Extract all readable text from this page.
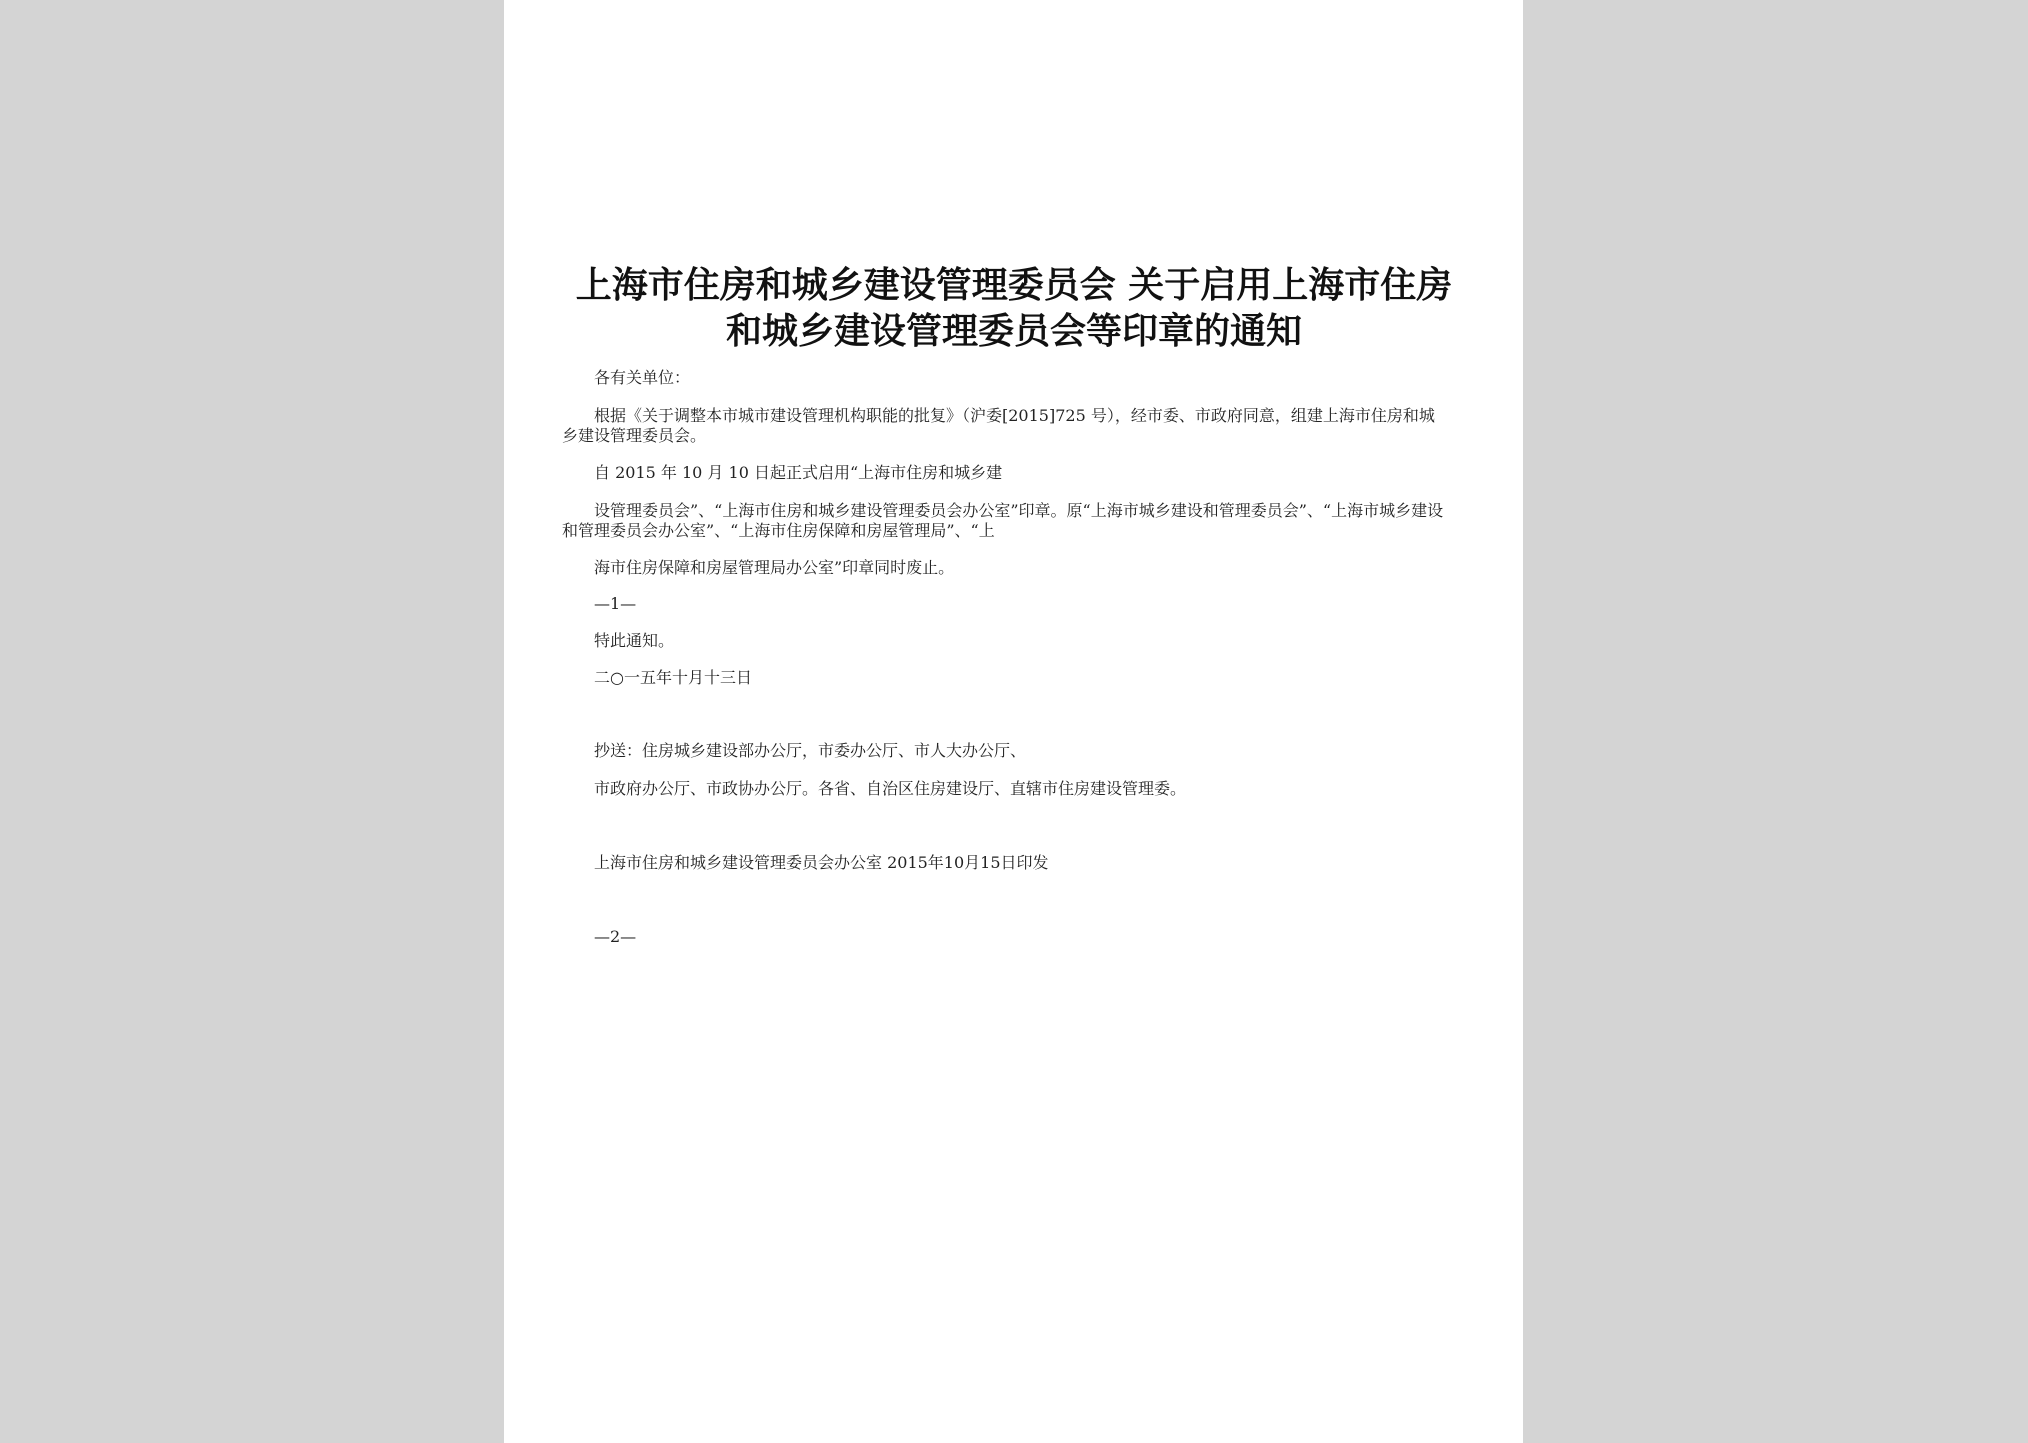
上海市住房和城乡建设管理委员会 关于启用上海市住房
和城乡建设管理委员会等印章的通知
各有关单位：
根据《关于调整本市城市建设管理机构职能的批复》（沪委[2015]725 号），经市委、市政府同意，组建上海市住房和城
乡建设管理委员会。
自 2015 年 10 月 10 日起正式启用“上海市住房和城乡建
设管理委员会”、“上海市住房和城乡建设管理委员会办公室”印章。原“上海市城乡建设和管理委员会”、“上海市城乡建设
和管理委员会办公室”、“上海市住房保障和房屋管理局”、“上
海市住房保障和房屋管理局办公室”印章同时废止。
—1—
特此通知。
二○一五年十月十三日
抄送：住房城乡建设部办公厅，市委办公厅、市人大办公厅、
市政府办公厅、市政协办公厅。各省、自治区住房建设厅、直辖市住房建设管理委。
上海市住房和城乡建设管理委员会办公室 2015年10月15日印发
—2—
